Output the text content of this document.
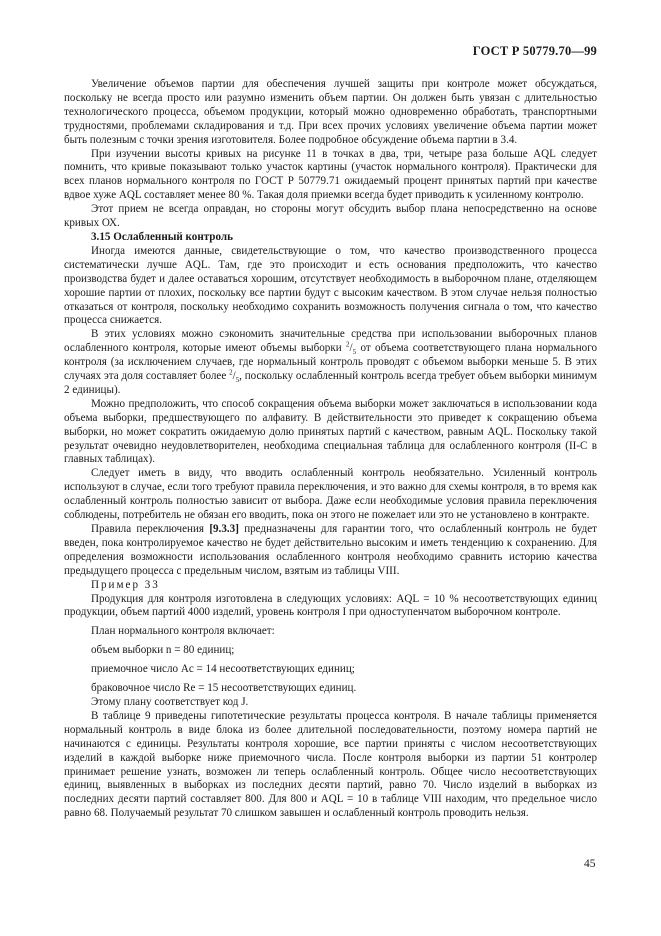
ГОСТ Р 50779.70—99

Увеличение объемов партии для обеспечения лучшей защиты при контроле может обсуждаться, поскольку не всегда просто или разумно изменить объем партии. Он должен быть увязан с длительностью технологического процесса, объемом продукции, который можно одновременно обработать, транспортными трудностями, проблемами складирования и т.д. При всех прочих условиях увеличение объема партии может быть полезным с точки зрения изготовителя. Более подробное обсуждение объема партии в 3.4.

При изучении высоты кривых на рисунке 11 в точках в два, три, четыре раза больше AQL следует помнить, что кривые показывают только участок картины (участок нормального контроля). Практически для всех планов нормального контроля по ГОСТ Р 50779.71 ожидаемый процент принятых партий при качестве вдвое хуже AQL составляет менее 80 %. Такая доля приемки всегда будет приводить к усиленному контролю.

Этот прием не всегда оправдан, но стороны могут обсудить выбор плана непосредственно на основе кривых ОХ.

3.15 Ослабленный контроль

Иногда имеются данные, свидетельствующие о том, что качество производственного процесса систематически лучше AQL. Там, где это происходит и есть основания предположить, что качество производства будет и далее оставаться хорошим, отсутствует необходимость в выборочном плане, отделяющем хорошие партии от плохих, поскольку все партии будут с высоким качеством. В этом случае нельзя полностью отказаться от контроля, поскольку необходимо сохранить возможность получения сигнала о том, что качество процесса снижается.

В этих условиях можно сэкономить значительные средства при использовании выборочных планов ослабленного контроля, которые имеют объемы выборки $^2/_5$ от объема соответствующего плана нормального контроля (за исключением случаев, где нормальный контроль проводят с объемом выборки меньше 5. В этих случаях эта доля составляет более $^2/_5$, поскольку ослабленный контроль всегда требует объем выборки минимум 2 единицы).

Можно предположить, что способ сокращения объема выборки может заключаться в использовании кода объема выборки, предшествующего по алфавиту. В действительности это приведет к сокращению объема выборки, но может сократить ожидаемую долю принятых партий с качеством, равным AQL. Поскольку такой результат очевидно неудовлетворителен, необходима специальная таблица для ослабленного контроля (II-C в главных таблицах).

Следует иметь в виду, что вводить ослабленный контроль необязательно. Усиленный контроль используют в случае, если того требуют правила переключения, и это важно для схемы контроля, в то время как ослабленный контроль полностью зависит от выбора. Даже если необходимые условия правила переключения соблюдены, потребитель не обязан его вводить, пока он этого не пожелает или это не установлено в контракте.

Правила переключения [9.3.3] предназначены для гарантии того, что ослабленный контроль не будет введен, пока контролируемое качество не будет действительно высоким и иметь тенденцию к сохранению. Для определения возможности использования ослабленного контроля необходимо сравнить историю качества предыдущего процесса с предельным числом, взятым из таблицы VIII.

Пример 33

Продукция для контроля изготовлена в следующих условиях: AQL = 10 % несоответствующих единиц продукции, объем партий 4000 изделий, уровень контроля I при одноступенчатом выборочном контроле.

План нормального контроля включает:

объем выборки n = 80 единиц;

приемочное число Ac = 14 несоответствующих единиц;

браковочное число Re = 15 несоответствующих единиц.

Этому плану соответствует код J.

В таблице 9 приведены гипотетические результаты процесса контроля. В начале таблицы применяется нормальный контроль в виде блока из более длительной последовательности, поэтому номера партий не начинаются с единицы. Результаты контроля хорошие, все партии приняты с числом несоответствующих изделий в каждой выборке ниже приемочного числа. После контроля выборки из партии 51 контролер принимает решение узнать, возможен ли теперь ослабленный контроль. Общее число несоответствующих единиц, выявленных в выборках из последних десяти партий, равно 70. Число изделий в выборках из последних десяти партий составляет 800. Для 800 и AQL = 10 в таблице VIII находим, что предельное число равно 68. Получаемый результат 70 слишком завышен и ослабленный контроль проводить нельзя.

45
